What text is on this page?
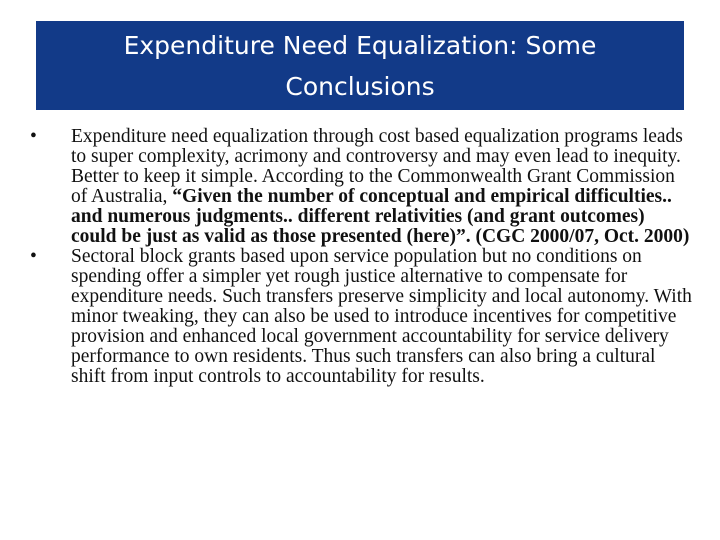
Expenditure Need Equalization: Some Conclusions

• Expenditure need equalization through cost based equalization programs leads to super complexity, acrimony and controversy and may even lead to inequity. Better to keep it simple. According to the Commonwealth Grant Commission of Australia, “Given the number of conceptual and empirical difficulties.. and numerous judgments.. different relativities (and grant outcomes) could be just as valid as those presented (here)”. (CGC 2000/07, Oct. 2000)

• Sectoral block grants based upon service population but no conditions on spending offer a simpler yet rough justice alternative to compensate for expenditure needs. Such transfers preserve simplicity and local autonomy. With minor tweaking, they can also be used to introduce incentives for competitive provision and enhanced local government accountability for service delivery performance to own residents. Thus such transfers can also bring a cultural shift from input controls to accountability for results.
